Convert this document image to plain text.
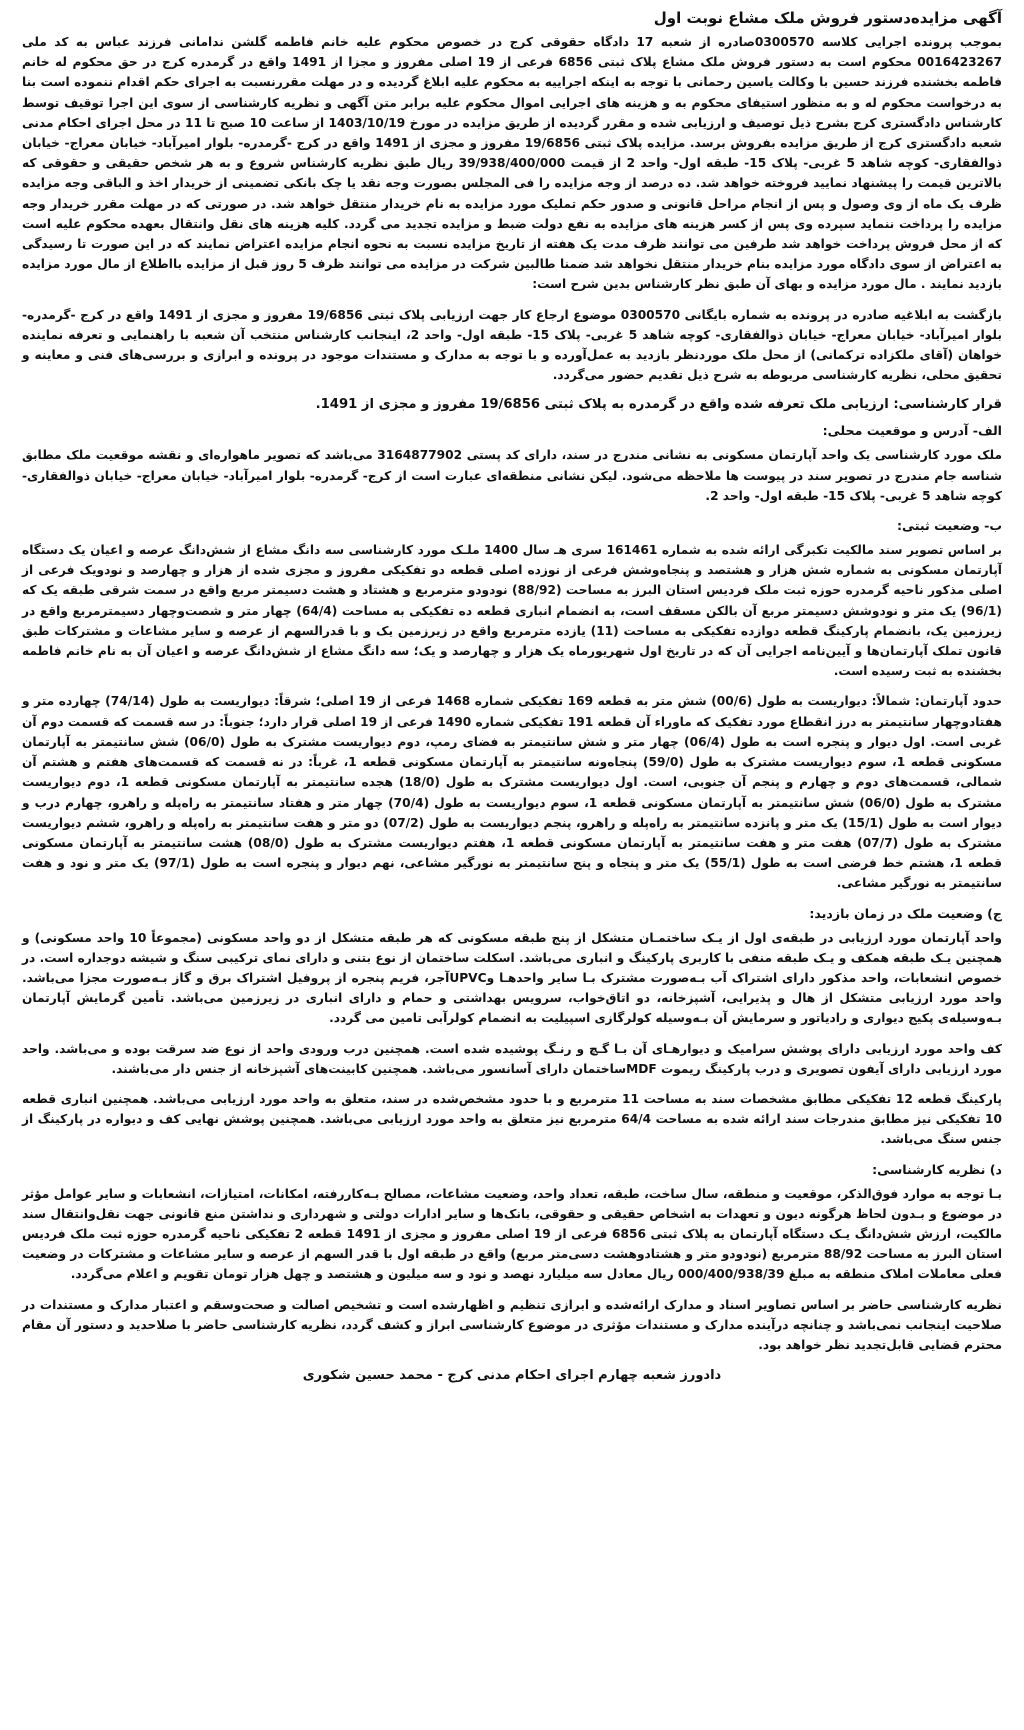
آگهی مزایده‌دستور فروش ملک مشاع نوبت اول

بموجب پرونده اجرایی کلاسه 0300570صادره از شعبه 17 دادگاه حقوقی کرج در خصوص محکوم علیه خانم فاطمه گلشن ندامانی فرزند عباس به کد ملی 0016423267 محکوم است به دستور فروش ملک مشاع پلاک ثبتی 6856 فرعی از 19 اصلی مفروز و مجزا از 1491 واقع در گرمدره کرج در حق محکوم له خانم فاطمه بخشنده فرزند حسین با وکالت یاسین رحمانی با توجه به اینکه اجراییه به محکوم علیه ابلاغ گردیده و در مهلت مقررنسبت به اجرای حکم اقدام ننموده است بنا به درخواست محکوم له و به منظور استیفای محکوم به و هزینه های اجرایی اموال محکوم علیه برابر متن آگهی و نظریه کارشناسی از سوی این اجرا توقیف توسط کارشناس دادگستری کرج بشرح ذیل توصیف و ارزیابی شده و مقرر گردیده از طریق مزایده در مورخ 1403/10/19 از ساعت 10 صبح تا 11 در محل اجرای احکام مدنی شعبه دادگستری کرج از طریق مزایده بفروش برسد. مزایده پلاک ثبتی 19/6856 مفروز و مجزی از 1491 واقع در کرج -گرمدره- بلوار امیرآباد- خیابان معراج- خیابان ذوالفقاری- کوچه شاهد 5 غربی- پلاک 15- طبقه اول- واحد 2 از قیمت 39/938/400/000 ریال طبق نظریه کارشناس شروع و به هر شخص حقیقی و حقوقی که بالاترین قیمت را پیشنهاد نمایید فروخته خواهد شد. ده درصد از وجه مزایده را فی المجلس بصورت وجه نقد یا چک بانکی تضمینی از خریدار اخذ و الباقی وجه مزایده ظرف یک ماه از وی وصول و پس از انجام مراحل قانونی و صدور حکم تملیک مورد مزایده به نام خریدار منتقل خواهد شد. در صورتی که در مهلت مقرر خریدار وجه مزایده را پرداخت ننماید سپرده وی پس از کسر هزینه های مزایده به نفع دولت ضبط و مزایده تجدید می گردد. کلیه هزینه های نقل وانتقال بعهده محکوم علیه است که از محل فروش پرداخت خواهد شد طرفین می توانند ظرف مدت یک هفته از تاریخ مزایده نسبت به نحوه انجام مزایده اعتراض نمایند که در این صورت تا رسیدگی به اعتراض از سوی دادگاه مورد مزایده بنام خریدار منتقل نخواهد شد ضمنا طالبین شرکت در مزایده می توانند ظرف 5 روز قبل از مزایده بااطلاع از مال مورد مزایده بازدید نمایند . مال مورد مزایده و بهای آن طبق نظر کارشناس بدین شرح است:

بازگشت به ابلاغیه صادره در پرونده به شماره بایگانی 0300570 موضوع ارجاع کار جهت ارزیابی پلاک ثبتی 19/6856 مفروز و مجزی از 1491 واقع در کرج -گرمدره- بلوار امیرآباد- خیابان معراج- خیابان ذوالفقاری- کوچه شاهد 5 غربی- پلاک 15- طبقه اول- واحد 2، اینجانب کارشناس منتخب آن شعبه با راهنمایی و تعرفه نماینده خواهان (آقای ملکزاده ترکمانی) از محل ملک موردنظر بازدید به عمل‌آورده و با توجه به مدارک و مستندات موجود در پرونده و ابرازی و بررسی‌های فنی و معاینه و تحقیق محلی، نظریه کارشناسی مربوطه به شرح ذیل تقدیم حضور می‌گردد.

قرار کارشناسی: ارزیابی ملک تعرفه شده واقع در گرمدره به پلاک ثبتی 19/6856 مفروز و مجزی از 1491.

الف- آدرس و موقعیت محلی:

ملک مورد کارشناسی یک واحد آپارتمان مسکونی به نشانی مندرج در سند، دارای کد پستی 3164877902 می‌باشد که تصویر ماهواره‌ای و نقشه موقعیت ملک مطابق شناسه جام مندرج در تصویر سند در پیوست ها ملاحظه می‌شود. لیکن نشانی منطقه‌ای عبارت است از کرج- گرمدره- بلوار امیرآباد- خیابان معراج- خیابان ذوالفقاری- کوچه شاهد 5 غربی- پلاک 15- طبقه اول- واحد 2.

ب- وضعیت ثبتی:

بر اساس تصویر سند مالکیت تکبرگی ارائه شده به شماره 161461 سری هـ سال 1400 ملـک مورد کارشناسی سه دانگ مشاع از شش‌دانگ عرصه و اعیان یک دستگاه آپارتمان مسکونی به شماره شش هزار و هشتصد و پنجاه‌وشش فرعی از نوزده اصلی قطعه دو تفکیکی مفروز و مجزی شده از هزار و چهارصد و نودویک فرعی از اصلی مذکور ناحیه گرمدره حوزه ثبت ملک فردیس استان البرز به مساحت (88/92) نودودو مترمربع و هشتاد و هشت دسیمتر مربع واقع در سمت شرقی طبقه یک که (96/1) یک متر و نودوشش دسیمتر مربع آن بالکن مسقف است، به انضمام انباری قطعه ده تفکیکی به مساحت (64/4) چهار متر و شصت‌وچهار دسیمترمربع واقع در زیرزمین یک، بانضمام پارکینگ قطعه دوازده تفکیکی به مساحت (11) یازده مترمربع واقع در زیرزمین یک و با قدرالسهم از عرصه و سایر مشاعات و مشترکات طبق قانون تملک آپارتمان‌ها و آیین‌نامه اجرایی آن که در تاریخ اول شهریورماه یک هزار و چهارصد و یک؛ سه دانگ مشاع از شش‌دانگ عرصه و اعیان آن به نام خانم فاطمه بخشنده به ثبت رسیده است.

حدود آپارتمان: شمالاً: دیواریست به طول (00/6) شش متر به قطعه 169 تفکیکی شماره 1468 فرعی از 19 اصلی؛ شرقاً: دیواریست به طول (74/14) چهارده متر و هفتادوچهار سانتیمتر به درز انقطاع مورد تفکیک که ماوراء آن قطعه 191 تفکیکی شماره 1490 فرعی از 19 اصلی قرار دارد؛ جنوباً: در سه قسمت که قسمت دوم آن غربی است. اول دیوار و پنجره است به طول (06/4) چهار متر و شش سانتیمتر به فضای رمپ، دوم دیواریست مشترک به طول (06/0) شش سانتیمتر به آپارتمان مسکونی قطعه 1، سوم دیواریست مشترک به طول (59/0) پنجاه‌ونه سانتیمتر به آپارتمان مسکونی قطعه 1، غرباً: در نه قسمت که قسمت‌های هفتم و هشتم آن شمالی، قسمت‌های دوم و چهارم و پنجم آن جنوبی، است. اول دیواریست مشترک به طول (18/0) هجده سانتیمتر به آپارتمان مسکونی قطعه 1، دوم دیواریست مشترک به طول (06/0) شش سانتیمتر به آپارتمان مسکونی قطعه 1، سوم دیواریست به طول (70/4) چهار متر و هفتاد سانتیمتر به راه‌پله و راهرو، چهارم درب و دیوار است به طول (15/1) یک متر و پانزده سانتیمتر به راه‌پله و راهرو، پنجم دیواریست به طول (07/2) دو متر و هفت سانتیمتر به راه‌پله و راهرو، ششم دیواریست مشترک به طول (07/7) هفت متر و هفت سانتیمتر به آپارتمان مسکونی قطعه 1، هفتم دیواریست مشترک به طول (08/0) هشت سانتیمتر به آپارتمان مسکونی قطعه 1، هشتم خط فرضی است به طول (55/1) یک متر و پنجاه و پنج سانتیمتر به نورگیر مشاعی، نهم دیوار و پنجره است به طول (97/1) یک متر و نود و هفت سانتیمتر به نورگیر مشاعی.

ج) وضعیت ملک در زمان بازدید:

واحد آپارتمان مورد ارزیابی در طبقه‌ی اول از یـک ساختمـان متشکل از پنج طبقه مسکونی که هر طبقه متشکل از دو واحد مسکونی (مجموعاً 10 واحد مسکونی) و همچنین یـک طبقه همکف و یـک طبقه منفی با کاربری پارکینگ و انباری می‌باشد. اسکلت ساختمان از نوع بتنی و دارای نمای ترکیبی سنگ و شیشه دوجداره است. در خصوص انشعابات، واحد مذکور دارای اشتراک آب بـه‌صورت مشترک بـا سایر واحدهـا وUPVCآجر، فریم پنجره از پروفیل اشتراک برق و گاز بـه‌صورت مجزا می‌باشد. واحد مورد ارزیابی متشکل از هال و پذیرایی، آشپزخانه، دو اتاق‌خواب، سرویس بهداشتی و حمام و دارای انباری در زیرزمین می‌باشد. تأمین گرمایش آپارتمان بـه‌وسیله‌ی پکیج دیواری و رادیاتور و سرمایش آن بـه‌وسیله کولرگازی اسپیلیت به انضمام کولرآبی تامین می گردد.

کف واحد مورد ارزیابی دارای پوشش سرامیک و دیوارهـای آن بـا گـچ و رنـگ پوشیده شده است. همچنین درب ورودی واحد از نوع ضد سرقت بوده و می‌باشد. واحد مورد ارزیابی دارای آیفون تصویری و درب پارکینگ ریموت MDFساختمان دارای آسانسور می‌باشد. همچنین کابینت‌های آشپزخانه از جنس دار می‌باشند.

پارکینگ قطعه 12 تفکیکی مطابق مشخصات سند به مساحت 11 مترمربع و با حدود مشخص‌شده در سند، متعلق به واحد مورد ارزیابی می‌باشد. همچنین انباری قطعه 10 تفکیکی نیز مطابق مندرجات سند ارائه شده به مساحت 64/4 مترمربع نیز متعلق به واحد مورد ارزیابی می‌باشد. همچنین پوشش نهایی کف و دیواره در پارکینگ از جنس سنگ می‌باشد.

د) نظریه کارشناسی:

بـا توجه به موارد فوق‌الذکر، موقعیت و منطقه، سال ساخت، طبقه، تعداد واحد، وضعیت مشاعات، مصالح بـه‌کاررفته، امکانات، امتیازات، انشعابات و سایر عوامل مؤثر در موضوع و بـدون لحاظ هرگونه دیون و تعهدات به اشخاص حقیقی و حقوقی، بانک‌ها و سایر ادارات دولتی و شهرداری و نداشتن منع قانونی جهت نقل‌وانتقال سند مالکیت، ارزش شش‌دانگ یـک دستگاه آپارتمان به پلاک ثبتی 6856 فرعی از 19 اصلی مفروز و مجزی از 1491 قطعه 2 تفکیکی ناحیه گرمدره حوزه ثبت ملک فردیس استان البرز به مساحت 88/92 مترمربع (نودودو متر و هشتادوهشت دسی‌متر مربع) واقع در طبقه اول با قدر السهم از عرصه و سایر مشاعات و مشترکات در وضعیت فعلی معاملات املاک منطقه به مبلغ 000/400/938/39 ریال معادل سه میلیارد نهصد و نود و سه میلیون و هشتصد و چهل هزار تومان تقویم و اعلام می‌گردد.

نظریه کارشناسی حاضر بر اساس تصاویر اسناد و مدارک ارائه‌شده و ابرازی تنظیم و اظهارشده است و تشخیص اصالت و صحت‌وسقم و اعتبار مدارک و مستندات در صلاحیت اینجانب نمی‌باشد و چنانچه درآینده مدارک و مستندات مؤثری در موضوع کارشناسی ابراز و کشف گردد، نظریه کارشناسی حاضر با صلاحدید و دستور آن مقام محترم قضایی قابل‌تجدید نظر خواهد بود.

دادورز شعبه چهارم اجرای احکام مدنی کرج - محمد حسین شکوری
